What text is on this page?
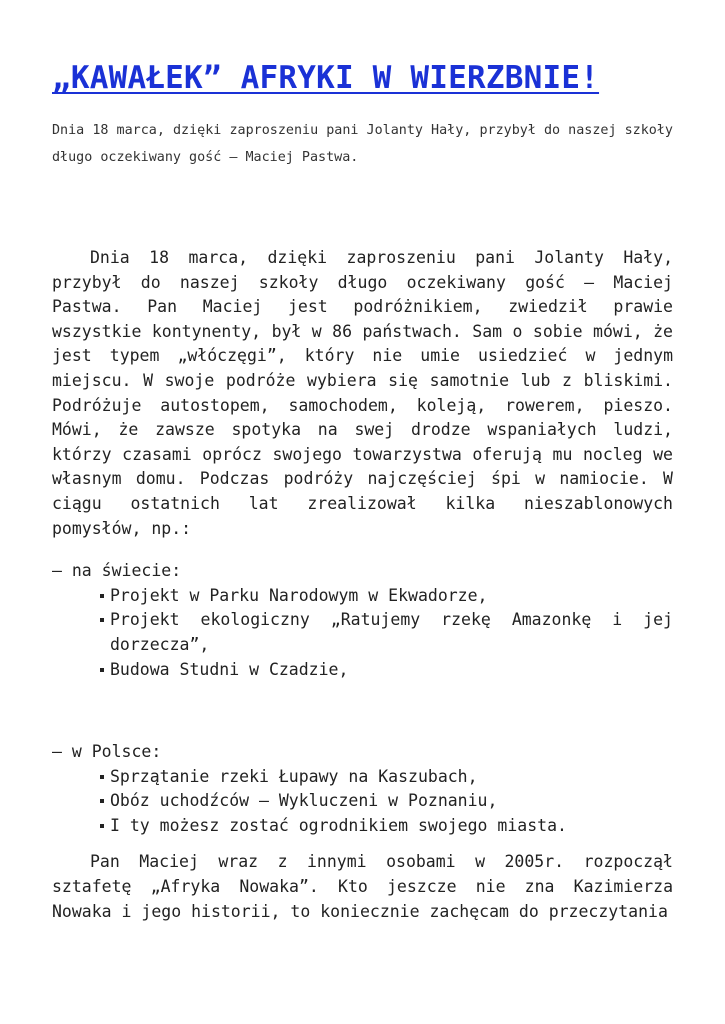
„KAWAŁEK” AFRYKI W WIERZBNIE!

Dnia 18 marca, dzięki zaproszeniu pani Jolanty Hały, przybył do naszej szkoły długo oczekiwany gość – Maciej Pastwa.

Dnia 18 marca, dzięki zaproszeniu pani Jolanty Hały, przybył do naszej szkoły długo oczekiwany gość – Maciej Pastwa. Pan Maciej jest podróżnikiem, zwiedził prawie wszystkie kontynenty, był w 86 państwach. Sam o sobie mówi, że jest typem „włóczęgi”, który nie umie usiedzieć w jednym miejscu. W swoje podróże wybiera się samotnie lub z bliskimi. Podróżuje autostopem, samochodem, koleją, rowerem, pieszo. Mówi, że zawsze spotyka na swej drodze wspaniałych ludzi, którzy czasami oprócz swojego towarzystwa oferują mu nocleg we własnym domu. Podczas podróży najczęściej śpi w namiocie. W ciągu ostatnich lat zrealizował kilka nieszablonowych pomysłów, np.:

– na świecie:

Projekt w Parku Narodowym w Ekwadorze,
Projekt ekologiczny „Ratujemy rzekę Amazonkę i jej dorzecza”,
Budowa Studni w Czadzie,

– w Polsce:

Sprzątanie rzeki Łupawy na Kaszubach,
Obóz uchodźców – Wykluczeni w Poznaniu,
I ty możesz zostać ogrodnikiem swojego miasta.

Pan Maciej wraz z innymi osobami w 2005r. rozpoczął sztafetę „Afryka Nowaka”. Kto jeszcze nie zna Kazimierza Nowaka i jego historii, to koniecznie zachęcam do przeczytania
